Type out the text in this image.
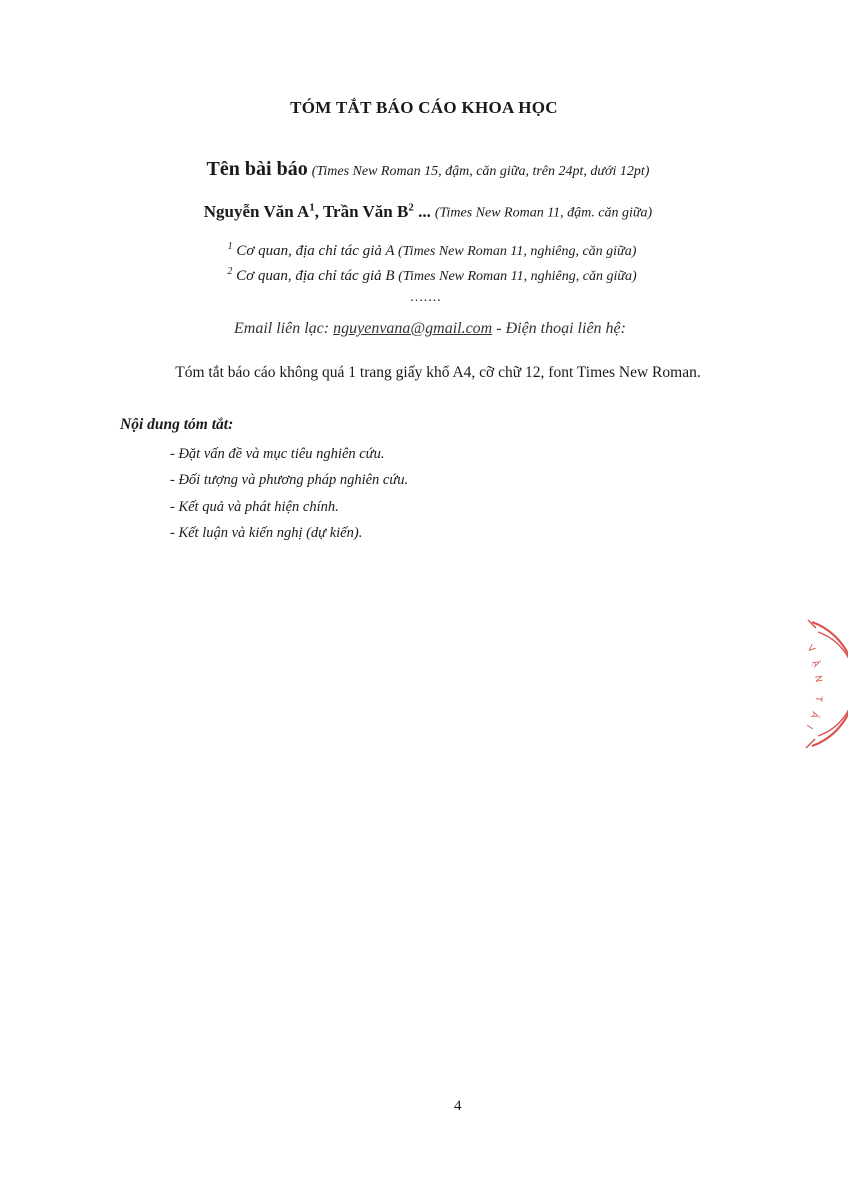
TÓM TẮT BÁO CÁO KHOA HỌC
Tên bài báo (Times New Roman 15, đậm, căn giữa, trên 24pt, dưới 12pt)
Nguyễn Văn $A^1$, Trần Văn $B^2$ ... (Times New Roman 11, đậm. căn giữa)
$^1$ Cơ quan, địa chỉ tác giả A (Times New Roman 11, nghiêng, căn giữa)
$^2$ Cơ quan, địa chỉ tác giả B (Times New Roman 11, nghiêng, căn giữa)
.......
Email liên lạc: nguyenvana@gmail.com - Điện thoại liên hệ:
Tóm tắt báo cáo không quá 1 trang giấy khổ A4, cỡ chữ 12, font Times New Roman.
Nội dung tóm tắt:
- Đặt vấn đề và mục tiêu nghiên cứu.
- Đối tượng và phương pháp nghiên cứu.
- Kết quả và phát hiện chính.
- Kết luận và kiến nghị (dự kiến).
V
Ậ
N
T
Ả
I
4
